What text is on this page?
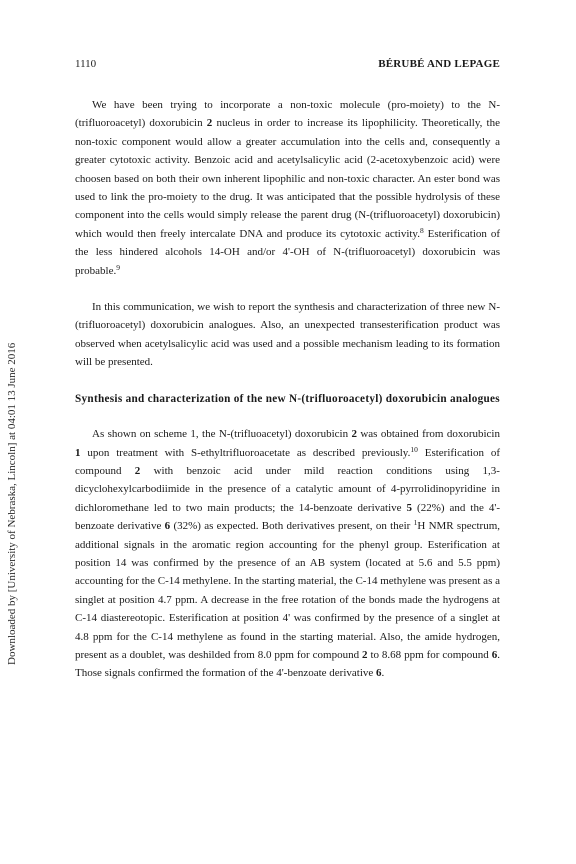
1110	BÉRUBÉ AND LEPAGE
Downloaded by [University of Nebraska, Lincoln] at 04:01 13 June 2016

We have been trying to incorporate a non-toxic molecule (pro-moiety) to the N-(trifluoroacetyl) doxorubicin 2 nucleus in order to increase its lipophilicity. Theoretically, the non-toxic component would allow a greater accumulation into the cells and, consequently a greater cytotoxic activity. Benzoic acid and acetylsalicylic acid (2-acetoxybenzoic acid) were choosen based on both their own inherent lipophilic and non-toxic character. An ester bond was used to link the pro-moiety to the drug. It was anticipated that the possible hydrolysis of these component into the cells would simply release the parent drug (N-(trifluoroacetyl) doxorubicin) which would then freely intercalate DNA and produce its cytotoxic activity.$^8$ Esterification of the less hindered alcohols 14-OH and/or 4'-OH of N-(trifluoroacetyl) doxorubicin was probable.$^9$

In this communication, we wish to report the synthesis and characterization of three new N-(trifluoroacetyl) doxorubicin analogues. Also, an unexpected transesterification product was observed when acetylsalicylic acid was used and a possible mechanism leading to its formation will be presented.

Synthesis and characterization of the new N-(trifluoroacetyl) doxorubicin analogues

As shown on scheme 1, the N-(trifluoacetyl) doxorubicin 2 was obtained from doxorubicin 1 upon treatment with S-ethyltrifluoroacetate as described previously.$^{10}$ Esterification of compound 2 with benzoic acid under mild reaction conditions using 1,3-dicyclohexylcarbodiimide in the presence of a catalytic amount of 4-pyrrolidinopyridine in dichloromethane led to two main products; the 14-benzoate derivative 5 (22%) and the 4'-benzoate derivative 6 (32%) as expected. Both derivatives present, on their $^1$H NMR spectrum, additional signals in the aromatic region accounting for the phenyl group. Esterification at position 14 was confirmed by the presence of an AB system (located at 5.6 and 5.5 ppm) accounting for the C-14 methylene. In the starting material, the C-14 methylene was present as a singlet at position 4.7 ppm. A decrease in the free rotation of the bonds made the hydrogens at C-14 diastereotopic. Esterification at position 4' was confirmed by the presence of a singlet at 4.8 ppm for the C-14 methylene as found in the starting material. Also, the amide hydrogen, present as a doublet, was deshilded from 8.0 ppm for compound 2 to 8.68 ppm for compound 6. Those signals confirmed the formation of the 4'-benzoate derivative 6.
